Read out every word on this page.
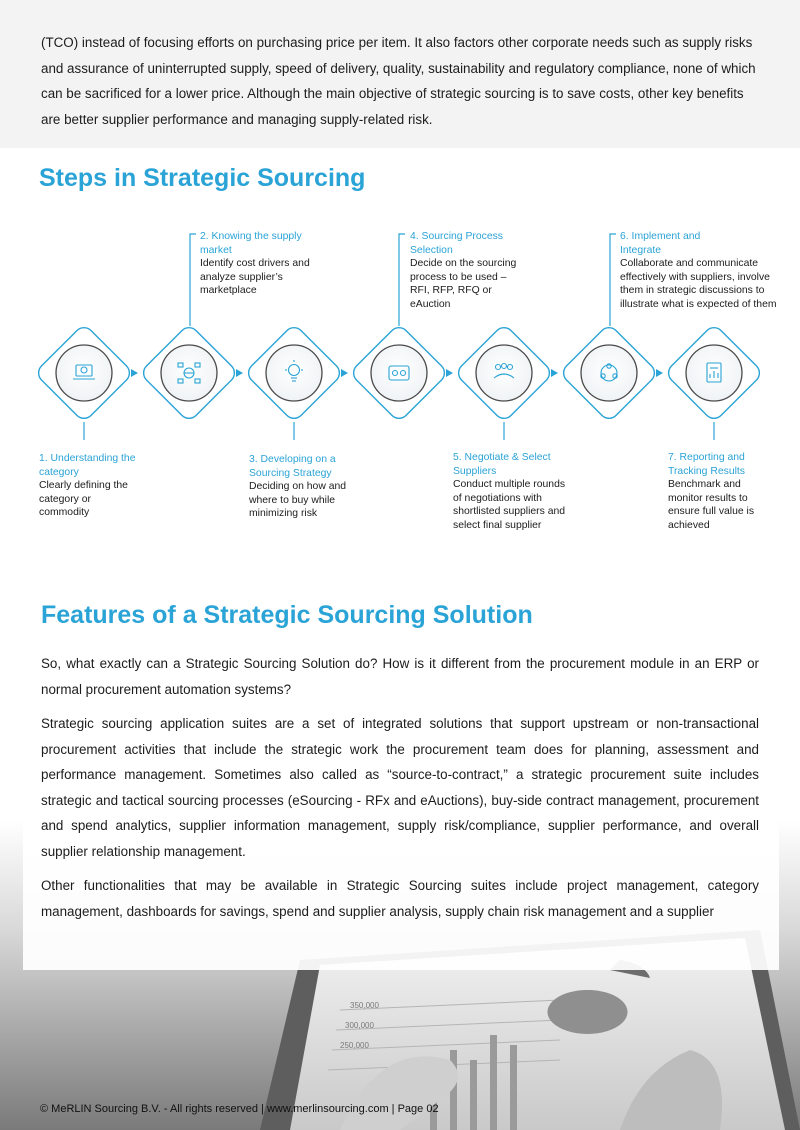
(TCO) instead of focusing efforts on purchasing price per item. It also factors other corporate needs such as supply risks and assurance of uninterrupted supply, speed of delivery, quality, sustainability and regulatory compliance, none of which can be sacrificed for a lower price. Although the main objective of strategic sourcing is to save costs, other key benefits are better supplier performance and managing supply-related risk.

Steps in Strategic Sourcing
1. Understanding the category
Clearly defining the category or commodity
2. Knowing the supply market
Identify cost drivers and analyze supplier’s marketplace
3. Developing on a Sourcing Strategy
Deciding on how and where to buy while minimizing risk
4. Sourcing Process Selection
Decide on the sourcing process to be used – RFI, RFP, RFQ or eAuction
5. Negotiate & Select Suppliers
Conduct multiple rounds of negotiations with shortlisted suppliers and select final supplier
6. Implement and Integrate
Collaborate and communicate effectively with suppliers, involve them in strategic discussions to illustrate what is expected of them
7. Reporting and Tracking Results
Benchmark and monitor results to ensure full value is achieved
350,000
300,000
250,000
Features of a Strategic Sourcing Solution

So, what exactly can a Strategic Sourcing Solution do? How is it different from the procurement module in an ERP or normal procurement automation systems?

Strategic sourcing application suites are a set of integrated solutions that support upstream or non-transactional procurement activities that include the strategic work the procurement team does for planning, assessment and performance management. Sometimes also called as “source-to-contract,” a strategic procurement suite includes strategic and tactical sourcing processes (eSourcing - RFx and eAuctions), buy-side contract management, procurement and spend analytics, supplier information management, supply risk/compliance, supplier performance, and overall supplier relationship management.

Other functionalities that may be available in Strategic Sourcing suites include project management, category management, dashboards for savings, spend and supplier analysis, supply chain risk management and a supplier

© MeRLIN Sourcing B.V. - All rights reserved | www.merlinsourcing.com | Page 02
